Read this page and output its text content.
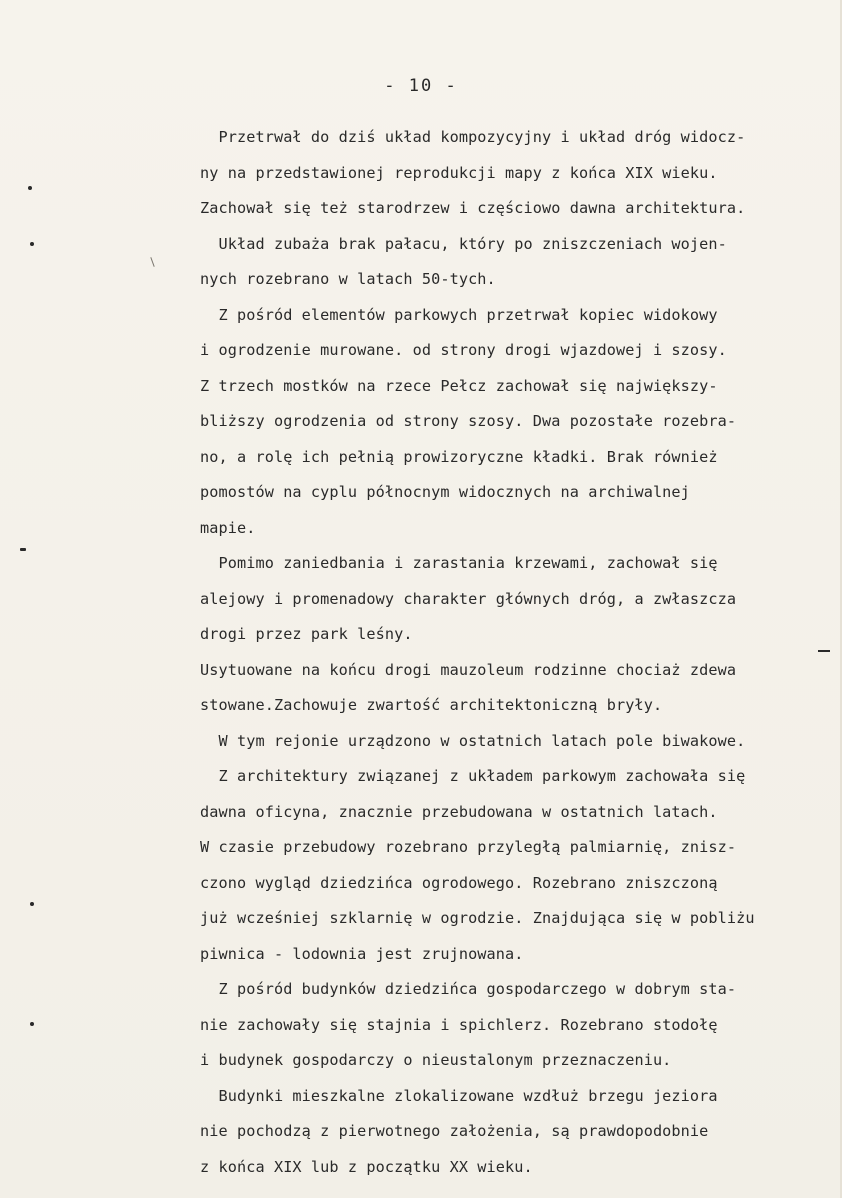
- 10 -
Przetrwał do dziś układ kompozycyjny i układ dróg widocz-
ny na przedstawionej reprodukcji mapy z końca XIX wieku.
Zachował się też starodrzew i częściowo dawna architektura.
Układ zubaża brak pałacu, który po zniszczeniach wojen-
nych rozebrano w latach 50-tych.
Z pośród elementów parkowych przetrwał kopiec widokowy
i ogrodzenie murowane. od strony drogi wjazdowej i szosy.
Z trzech mostków na rzece Pełcz zachował się największy-
bliższy ogrodzenia od strony szosy. Dwa pozostałe rozebra-
no, a rolę ich pełnią prowizoryczne kładki. Brak również
pomostów na cyplu północnym widocznych na archiwalnej
mapie.
Pomimo zaniedbania i zarastania krzewami, zachował się
alejowy i promenadowy charakter głównych dróg, a zwłaszcza
drogi przez park leśny.
Usytuowane na końcu drogi mauzoleum rodzinne chociaż zdewa
stowane.Zachowuje zwartość architektoniczną bryły.
W tym rejonie urządzono w ostatnich latach pole biwakowe.
Z architektury związanej z układem parkowym zachowała się
dawna oficyna, znacznie przebudowana w ostatnich latach.
W czasie przebudowy rozebrano przyległą palmiarnię, znisz-
czono wygląd dziedzińca ogrodowego. Rozebrano zniszczoną
już wcześniej szklarnię w ogrodzie. Znajdująca się w pobliżu
piwnica - lodownia jest zrujnowana.
Z pośród budynków dziedzińca gospodarczego w dobrym sta-
nie zachowały się stajnia i spichlerz. Rozebrano stodołę
i budynek gospodarczy o nieustalonym przeznaczeniu.
Budynki mieszkalne zlokalizowane wzdłuż brzegu jeziora
nie pochodzą z pierwotnego założenia, są prawdopodobnie
z końca XIX lub z początku XX wieku.
